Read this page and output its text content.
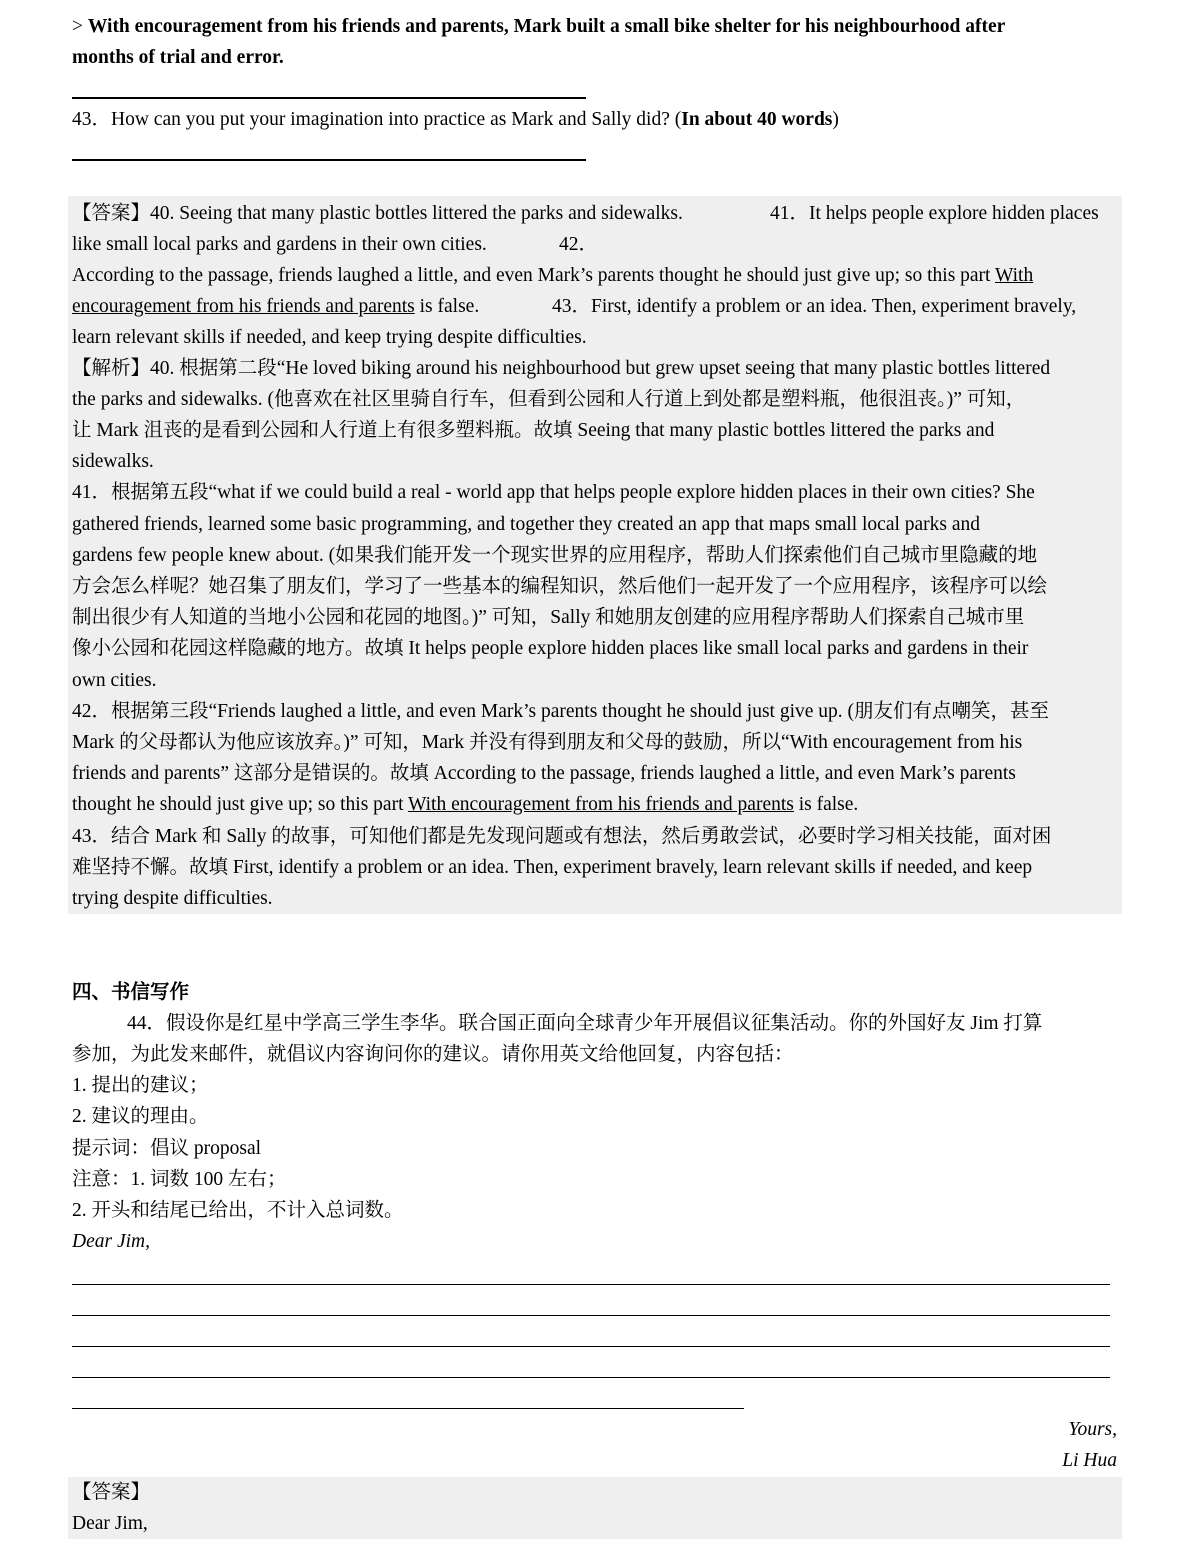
> With encouragement from his friends and parents, Mark built a small bike shelter for his neighbourhood after
months of trial and error.
43．How can you put your imagination into practice as Mark and Sally did? (In about 40 words)
【答案】40. Seeing that many plastic bottles littered the parks and sidewalks.	41．It helps people explore hidden places
like small local parks and gardens in their own cities.	42．
According to the passage, friends laughed a little, and even Mark’s parents thought he should just give up; so this part With
encouragement from his friends and parents is false.	43．First, identify a problem or an idea. Then, experiment bravely,
learn relevant skills if needed, and keep trying despite difficulties.
【解析】40. 根据第二段“He loved biking around his neighbourhood but grew upset seeing that many plastic bottles littered
the parks and sidewalks. (他喜欢在社区里骑自行车，但看到公园和人行道上到处都是塑料瓶，他很沮丧。)” 可知，
让 Mark 沮丧的是看到公园和人行道上有很多塑料瓶。故填 Seeing that many plastic bottles littered the parks and
sidewalks.
41．根据第五段“what if we could build a real - world app that helps people explore hidden places in their own cities? She
gathered friends, learned some basic programming, and together they created an app that maps small local parks and
gardens few people knew about. (如果我们能开发一个现实世界的应用程序，帮助人们探索他们自己城市里隐藏的地
方会怎么样呢？她召集了朋友们，学习了一些基本的编程知识，然后他们一起开发了一个应用程序，该程序可以绘
制出很少有人知道的当地小公园和花园的地图。)” 可知，Sally 和她朋友创建的应用程序帮助人们探索自己城市里
像小公园和花园这样隐藏的地方。故填 It helps people explore hidden places like small local parks and gardens in their
own cities.
42．根据第三段“Friends laughed a little, and even Mark’s parents thought he should just give up. (朋友们有点嘲笑，甚至
Mark 的父母都认为他应该放弃。)” 可知，Mark 并没有得到朋友和父母的鼓励，所以“With encouragement from his
friends and parents” 这部分是错误的。故填 According to the passage, friends laughed a little, and even Mark’s parents
thought he should just give up; so this part With encouragement from his friends and parents is false.
43．结合 Mark 和 Sally 的故事，可知他们都是先发现问题或有想法，然后勇敢尝试，必要时学习相关技能，面对困
难坚持不懈。故填 First, identify a problem or an idea. Then, experiment bravely, learn relevant skills if needed, and keep
trying despite difficulties.
四、书信写作
44．假设你是红星中学高三学生李华。联合国正面向全球青少年开展倡议征集活动。你的外国好友 Jim 打算
参加，为此发来邮件，就倡议内容询问你的建议。请你用英文给他回复，内容包括：
1. 提出的建议；
2. 建议的理由。
提示词：倡议 proposal
注意：1. 词数 100 左右；
2. 开头和结尾已给出，不计入总词数。
Dear Jim,
Yours,
Li Hua
【答案】
Dear Jim,
